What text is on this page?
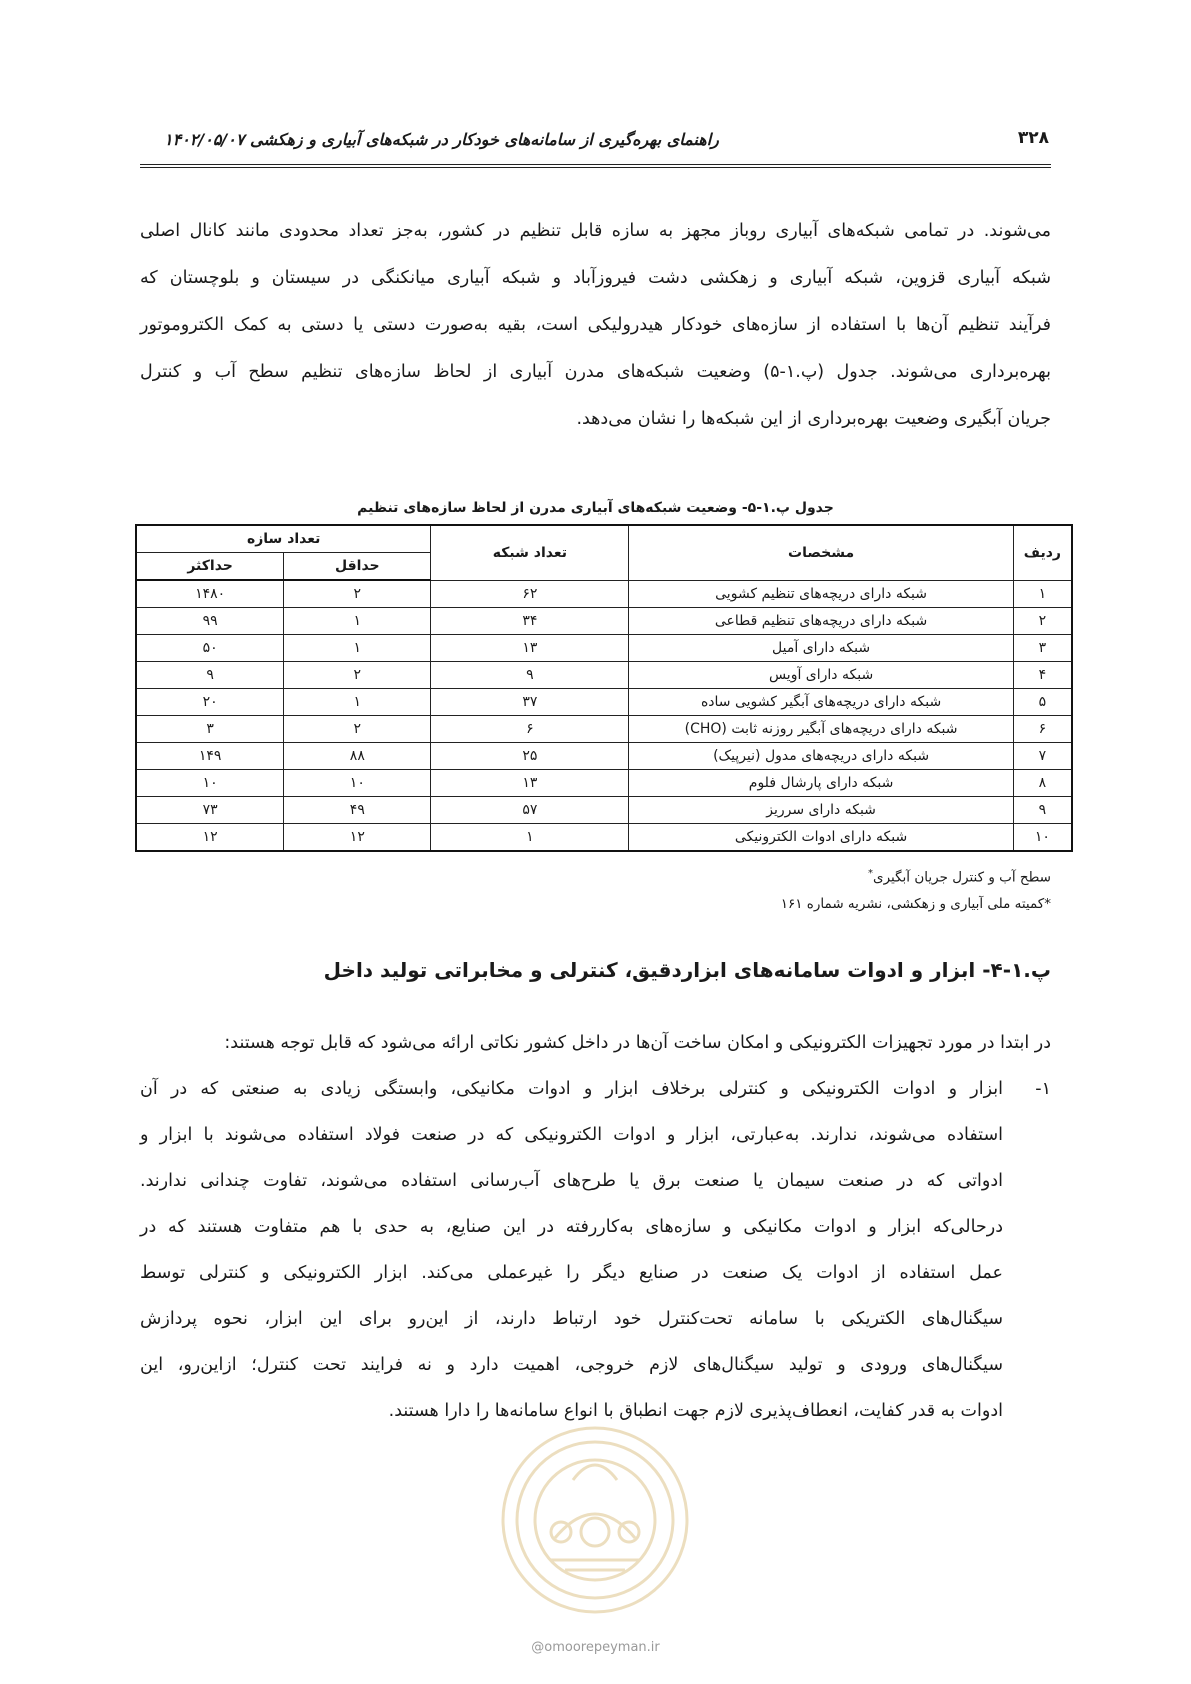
۳۲۸
راهنمای بهره‌گیری از سامانه‌های خودکار در شبکه‌های آبیاری و زهکشی ۱۴۰۲/۰۵/۰۷
می‌شوند. در تمامی شبکه‌های آبیاری روباز مجهز به سازه قابل تنظیم در کشور، به‌جز تعداد محدودی مانند کانال اصلی
شبکه آبیاری قزوین، شبکه آبیاری و زهکشی دشت فیروزآباد و شبکه آبیاری میانکنگی در سیستان و بلوچستان که
فرآیند تنظیم آن‌ها با استفاده از سازه‌های خودکار هیدرولیکی است، بقیه به‌صورت دستی یا دستی به کمک الکتروموتور
بهره‌برداری می‌شوند. جدول (پ.۱-۵) وضعیت شبکه‌های مدرن آبیاری از لحاظ سازه‌های تنظیم سطح آب و کنترل
جریان آبگیری وضعیت بهره‌برداری از این شبکه‌ها را نشان می‌دهد.
جدول پ.۱-۵- وضعیت شبکه‌های آبیاری مدرن از لحاظ سازه‌های تنظیم
ردیف	مشخصات	تعداد شبکه	تعداد سازه	
			حداقل	حداکثر
۱	شبکه دارای دریچه‌های تنظیم کشویی	۶۲	۲	۱۴۸۰
۲	شبکه دارای دریچه‌های تنظیم قطاعی	۳۴	۱	۹۹
۳	شبکه دارای آمیل	۱۳	۱	۵۰
۴	شبکه دارای آویس	۹	۲	۹
۵	شبکه دارای دریچه‌های آبگیر کشویی ساده	۳۷	۱	۲۰
۶	شبکه دارای دریچه‌های آبگیر روزنه ثابت (CHO)	۶	۲	۳
۷	شبکه دارای دریچه‌های مدول (نیرپیک)	۲۵	۸۸	۱۴۹
۸	شبکه دارای پارشال فلوم	۱۳	۱۰	۱۰
۹	شبکه دارای سرریز	۵۷	۴۹	۷۳
۱۰	شبکه دارای ادوات الکترونیکی	۱	۱۲	۱۲
سطح آب و کنترل جریان آبگیری*
*کمیته ملی آبیاری و زهکشی، نشریه شماره ۱۶۱
پ.۱-۴- ابزار و ادوات سامانه‌های ابزاردقیق، کنترلی و مخابراتی تولید داخل
در ابتدا در مورد تجهیزات الکترونیکی و امکان ساخت آن‌ها در داخل کشور نکاتی ارائه می‌شود که قابل توجه هستند:
۱-
ابزار و ادوات الکترونیکی و کنترلی برخلاف ابزار و ادوات مکانیکی، وابستگی زیادی به صنعتی که در آن
استفاده می‌شوند، ندارند. به‌عبارتی، ابزار و ادوات الکترونیکی که در صنعت فولاد استفاده می‌شوند با ابزار و
ادواتی که در صنعت سیمان یا صنعت برق یا طرح‌های آب‌رسانی استفاده می‌شوند، تفاوت چندانی ندارند.
درحالی‌که ابزار و ادوات مکانیکی و سازه‌های به‌کاررفته در این صنایع، به حدی با هم متفاوت هستند که در
عمل استفاده از ادوات یک صنعت در صنایع دیگر را غیرعملی می‌کند. ابزار الکترونیکی و کنترلی توسط
سیگنال‌های الکتریکی با سامانه تحت‌کنترل خود ارتباط دارند، از این‌رو برای این ابزار، نحوه پردازش
سیگنال‌های ورودی و تولید سیگنال‌های لازم خروجی، اهمیت دارد و نه فرایند تحت کنترل؛ ازاین‌رو، این
ادوات به قدر کفایت، انعطاف‌پذیری لازم جهت انطباق با انواع سامانه‌ها را دارا هستند.
@omoorepeyman.ir
